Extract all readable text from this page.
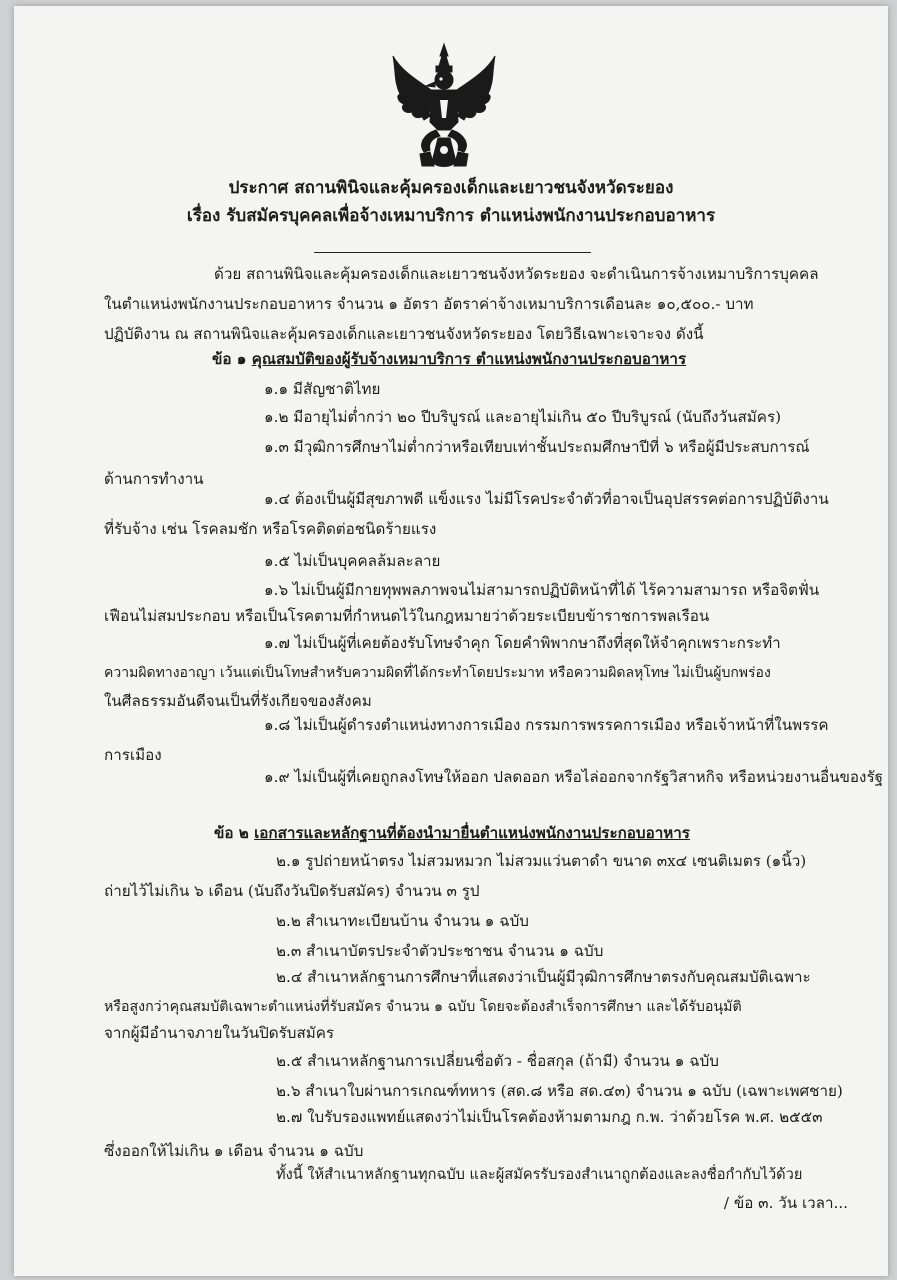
ประกาศ สถานพินิจและคุ้มครองเด็กและเยาวชนจังหวัดระยอง
เรื่อง รับสมัครบุคคลเพื่อจ้างเหมาบริการ ตำแหน่งพนักงานประกอบอาหาร
ด้วย สถานพินิจและคุ้มครองเด็กและเยาวชนจังหวัดระยอง จะดำเนินการจ้างเหมาบริการบุคคล
ในตำแหน่งพนักงานประกอบอาหาร จำนวน ๑ อัตรา อัตราค่าจ้างเหมาบริการเดือนละ ๑๐,๕๐๐.- บาท
ปฏิบัติงาน ณ สถานพินิจและคุ้มครองเด็กและเยาวชนจังหวัดระยอง โดยวิธีเฉพาะเจาะจง ดังนี้
ข้อ ๑ คุณสมบัติของผู้รับจ้างเหมาบริการ ตำแหน่งพนักงานประกอบอาหาร
๑.๑ มีสัญชาติไทย
๑.๒ มีอายุไม่ต่ำกว่า ๒๐ ปีบริบูรณ์ และอายุไม่เกิน ๕๐ ปีบริบูรณ์ (นับถึงวันสมัคร)
๑.๓ มีวุฒิการศึกษาไม่ต่ำกว่าหรือเทียบเท่าชั้นประถมศึกษาปีที่ ๖ หรือผู้มีประสบการณ์
ด้านการทำงาน
๑.๔ ต้องเป็นผู้มีสุขภาพดี แข็งแรง ไม่มีโรคประจำตัวที่อาจเป็นอุปสรรคต่อการปฏิบัติงาน
ที่รับจ้าง เช่น โรคลมชัก หรือโรคติดต่อชนิดร้ายแรง
๑.๕ ไม่เป็นบุคคลล้มละลาย
๑.๖ ไม่เป็นผู้มีกายทุพพลภาพจนไม่สามารถปฏิบัติหน้าที่ได้ ไร้ความสามารถ หรือจิตฟั่น
เฟือนไม่สมประกอบ หรือเป็นโรคตามที่กำหนดไว้ในกฎหมายว่าด้วยระเบียบข้าราชการพลเรือน
๑.๗ ไม่เป็นผู้ที่เคยต้องรับโทษจำคุก โดยคำพิพากษาถึงที่สุดให้จำคุกเพราะกระทำ
ความผิดทางอาญา เว้นแต่เป็นโทษสำหรับความผิดที่ได้กระทำโดยประมาท หรือความผิดลหุโทษ ไม่เป็นผู้บกพร่อง
ในศีลธรรมอันดีจนเป็นที่รังเกียจของสังคม
๑.๘ ไม่เป็นผู้ดำรงตำแหน่งทางการเมือง กรรมการพรรคการเมือง หรือเจ้าหน้าที่ในพรรค
การเมือง
๑.๙ ไม่เป็นผู้ที่เคยถูกลงโทษให้ออก ปลดออก หรือไล่ออกจากรัฐวิสาหกิจ หรือหน่วยงานอื่นของรัฐ
ข้อ ๒ เอกสารและหลักฐานที่ต้องนำมายื่นตำแหน่งพนักงานประกอบอาหาร
๒.๑ รูปถ่ายหน้าตรง ไม่สวมหมวก ไม่สวมแว่นตาดำ ขนาด ๓x๔ เซนติเมตร (๑นิ้ว)
ถ่ายไว้ไม่เกิน ๖ เดือน (นับถึงวันปิดรับสมัคร) จำนวน ๓ รูป
๒.๒ สำเนาทะเบียนบ้าน จำนวน ๑ ฉบับ
๒.๓ สำเนาบัตรประจำตัวประชาชน จำนวน ๑ ฉบับ
๒.๔ สำเนาหลักฐานการศึกษาที่แสดงว่าเป็นผู้มีวุฒิการศึกษาตรงกับคุณสมบัติเฉพาะ
หรือสูงกว่าคุณสมบัติเฉพาะตำแหน่งที่รับสมัคร จำนวน ๑ ฉบับ โดยจะต้องสำเร็จการศึกษา และได้รับอนุมัติ
จากผู้มีอำนาจภายในวันปิดรับสมัคร
๒.๕ สำเนาหลักฐานการเปลี่ยนชื่อตัว - ชื่อสกุล (ถ้ามี) จำนวน ๑ ฉบับ
๒.๖ สำเนาใบผ่านการเกณฑ์ทหาร (สด.๘ หรือ สด.๔๓) จำนวน ๑ ฉบับ (เฉพาะเพศชาย)
๒.๗ ใบรับรองแพทย์แสดงว่าไม่เป็นโรคต้องห้ามตามกฎ ก.พ. ว่าด้วยโรค พ.ศ. ๒๕๕๓
ซึ่งออกให้ไม่เกิน ๑ เดือน จำนวน ๑ ฉบับ
ทั้งนี้ ให้สำเนาหลักฐานทุกฉบับ และผู้สมัครรับรองสำเนาถูกต้องและลงชื่อกำกับไว้ด้วย
/ ข้อ ๓. วัน เวลา...
